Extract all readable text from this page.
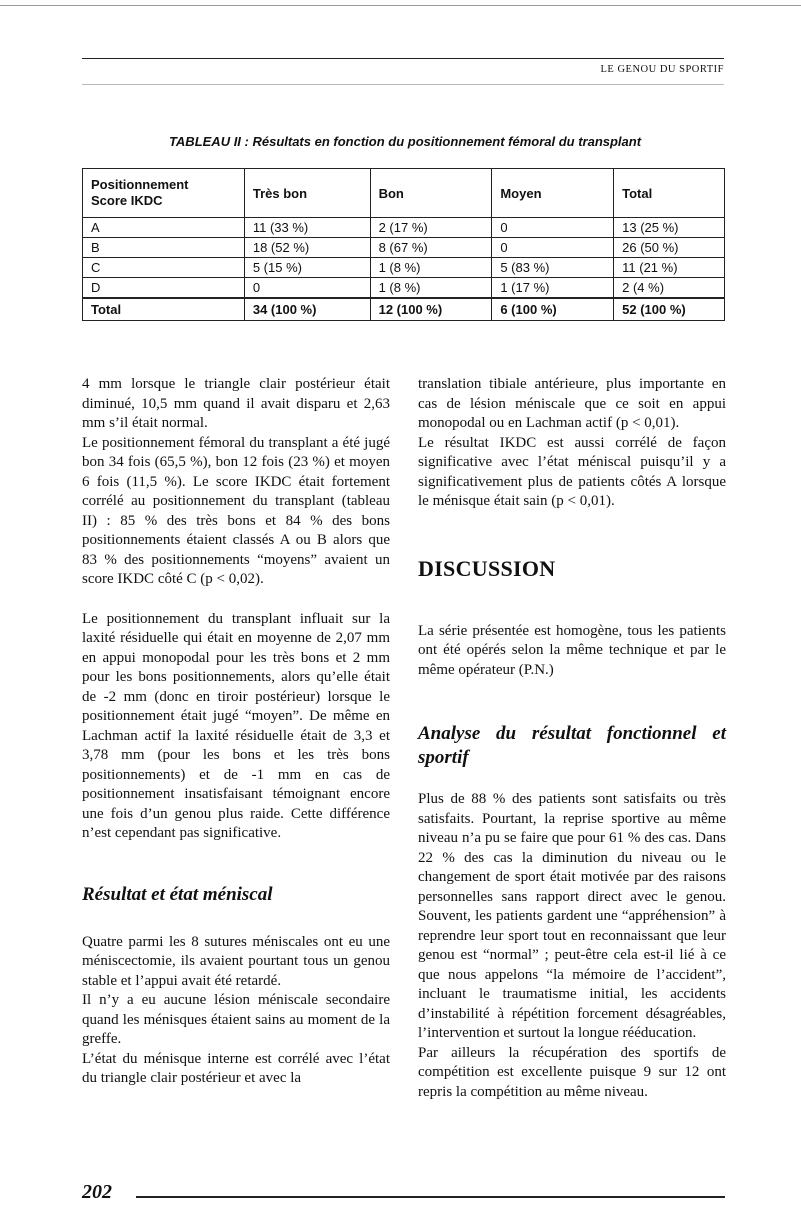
LE GENOU DU SPORTIF
TABLEAU II : Résultats en fonction du positionnement fémoral du transplant
Positionnement
Score IKDC	Très bon	Bon	Moyen	Total
A	11 (33 %)	2 (17 %)	0	13 (25 %)
B	18 (52 %)	8 (67 %)	0	26 (50 %)
C	5 (15 %)	1 (8 %)	5 (83 %)	11 (21 %)
D	0	1 (8 %)	1 (17 %)	2 (4 %)
Total	34 (100 %)	12 (100 %)	6 (100 %)	52 (100 %)

4 mm lorsque le triangle clair postérieur était diminué, 10,5 mm quand il avait disparu et 2,63 mm s’il était normal.

Le positionnement fémoral du transplant a été jugé bon 34 fois (65,5 %), bon 12 fois (23 %) et moyen 6 fois (11,5 %). Le score IKDC était fortement corrélé au positionnement du transplant (tableau II) : 85 % des très bons et 84 % des bons positionnements étaient classés A ou B alors que 83 % des positionnements “moyens” avaient un score IKDC côté C (p < 0,02).

Le positionnement du transplant influait sur la laxité résiduelle qui était en moyenne de 2,07 mm en appui monopodal pour les très bons et 2 mm pour les bons positionnements, alors qu’elle était de -2 mm (donc en tiroir postérieur) lorsque le positionnement était jugé “moyen”. De même en Lachman actif la laxité résiduelle était de 3,3 et 3,78 mm (pour les bons et les très bons positionnements) et de -1 mm en cas de positionnement insatisfaisant témoignant encore une fois d’un genou plus raide. Cette différence n’est cependant pas significative.

Résultat et état méniscal

Quatre parmi les 8 sutures méniscales ont eu une méniscectomie, ils avaient pourtant tous un genou stable et l’appui avait été retardé.

Il n’y a eu aucune lésion méniscale secondaire quand les ménisques étaient sains au moment de la greffe.

L’état du ménisque interne est corrélé avec l’état du triangle clair postérieur et avec la

translation tibiale antérieure, plus importante en cas de lésion méniscale que ce soit en appui monopodal ou en Lachman actif (p < 0,01).

Le résultat IKDC est aussi corrélé de façon significative avec l’état méniscal puisqu’il y a significativement plus de patients côtés A lorsque le ménisque était sain (p < 0,01).

DISCUSSION

La série présentée est homogène, tous les patients ont été opérés selon la même technique et par le même opérateur (P.N.)

Analyse du résultat fonctionnel et sportif

Plus de 88 % des patients sont satisfaits ou très satisfaits. Pourtant, la reprise sportive au même niveau n’a pu se faire que pour 61 % des cas. Dans 22 % des cas la diminution du niveau ou le changement de sport était motivée par des raisons personnelles sans rapport direct avec le genou. Souvent, les patients gardent une “appréhension” à reprendre leur sport tout en reconnaissant que leur genou est “normal” ; peut-être cela est-il lié à ce que nous appelons “la mémoire de l’accident”, incluant le traumatisme initial, les accidents d’instabilité à répétition forcement désagréables, l’intervention et surtout la longue rééducation.

Par ailleurs la récupération des sportifs de compétition est excellente puisque 9 sur 12 ont repris la compétition au même niveau.

202
